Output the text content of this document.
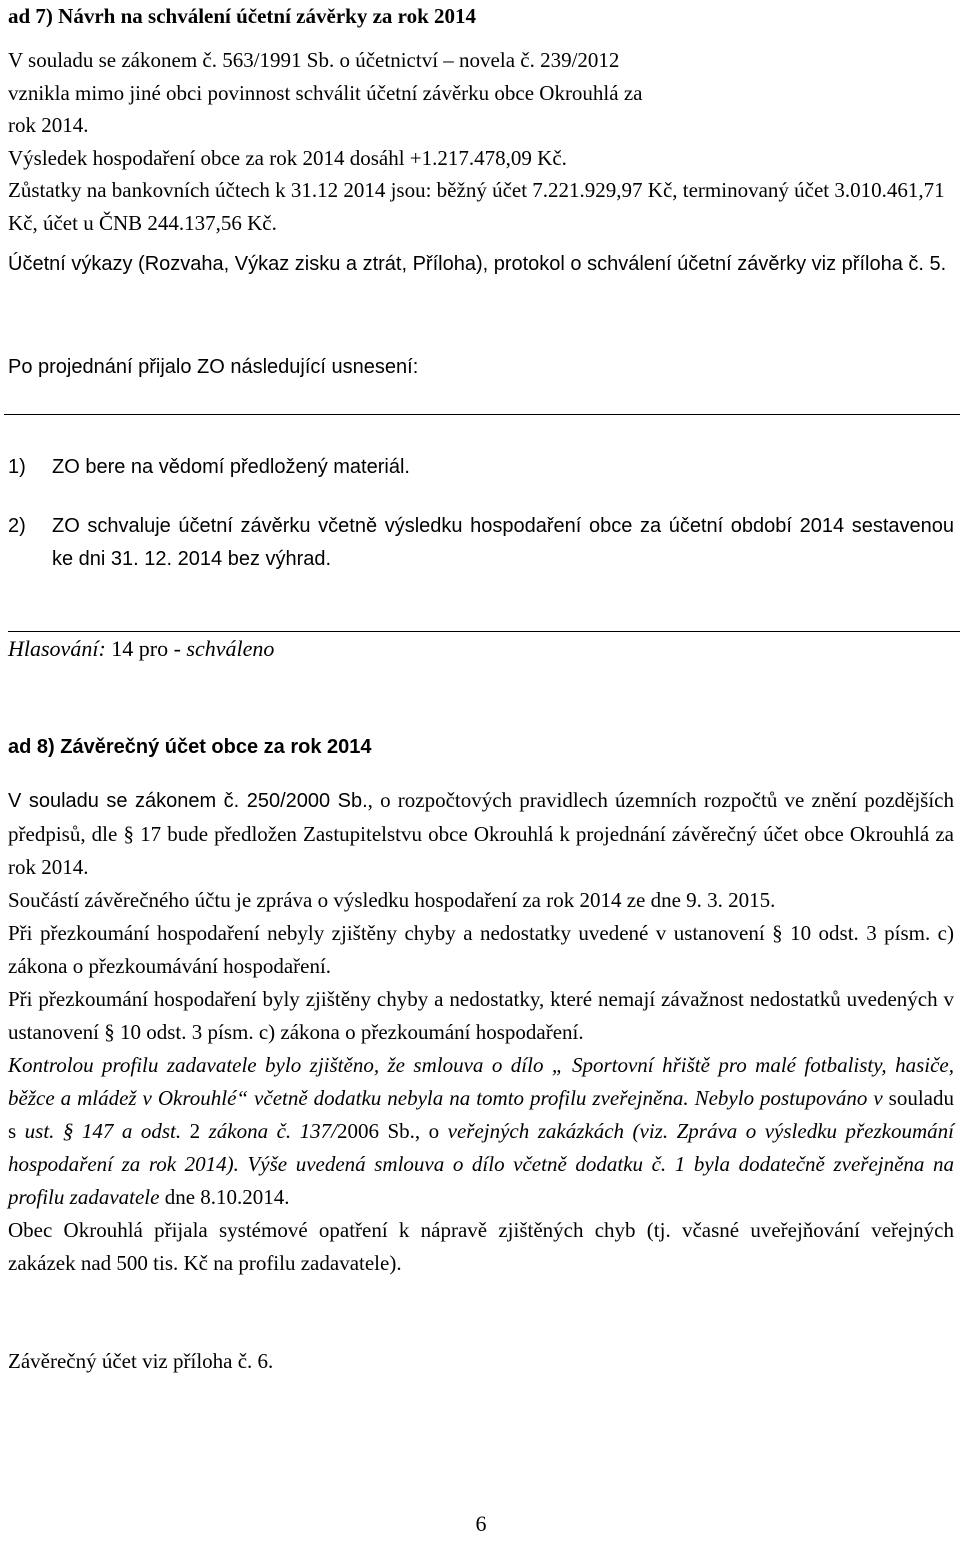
ad 7) Návrh na schválení účetní závěrky za rok 2014

V souladu se zákonem č. 563/1991 Sb. o účetnictví – novela č. 239/2012 vznikla mimo jiné obci povinnost schválit účetní závěrku obce Okrouhlá za rok 2014.

Výsledek hospodaření obce za rok 2014 dosáhl +1.217.478,09 Kč.

Zůstatky na bankovních účtech k 31.12 2014 jsou: běžný účet 7.221.929,97 Kč, terminovaný účet 3.010.461,71 Kč, účet u ČNB 244.137,56 Kč.

Účetní výkazy (Rozvaha, Výkaz zisku a ztrát, Příloha), protokol o schválení účetní závěrky viz příloha č. 5.

Po projednání přijalo ZO následující usnesení:

1) ZO bere na vědomí předložený materiál.

2) ZO schvaluje účetní závěrku včetně výsledku hospodaření obce za účetní období 2014 sestavenou ke dni 31. 12. 2014 bez výhrad.

Hlasování: 14 pro - schváleno

ad 8) Závěrečný účet obce za rok 2014

V souladu se zákonem č. 250/2000 Sb., o rozpočtových pravidlech územních rozpočtů ve znění pozdějších předpisů, dle § 17 bude předložen Zastupitelstvu obce Okrouhlá k projednání závěrečný účet obce Okrouhlá za rok 2014.

Součástí závěrečného účtu je zpráva o výsledku hospodaření za rok 2014 ze dne 9. 3. 2015.

Při přezkoumání hospodaření nebyly zjištěny chyby a nedostatky uvedené v ustanovení § 10 odst. 3 písm. c) zákona o přezkoumávání hospodaření.

Při přezkoumání hospodaření byly zjištěny chyby a nedostatky, které nemají závažnost nedostatků uvedených v ustanovení § 10 odst. 3 písm. c) zákona o přezkoumání hospodaření.

Kontrolou profilu zadavatele bylo zjištěno, že smlouva o dílo „ Sportovní hřiště pro malé fotbalisty, hasiče, běžce a mládež v Okrouhlé“ včetně dodatku nebyla na tomto profilu zveřejněna. Nebylo postupováno v souladu s ust. § 147 a odst. 2 zákona č. 137/2006 Sb., o veřejných zakázkách (viz. Zpráva o výsledku přezkoumání hospodaření za rok 2014). Výše uvedená smlouva o dílo včetně dodatku č. 1 byla dodatečně zveřejněna na profilu zadavatele dne 8.10.2014.

Obec Okrouhlá přijala systémové opatření k nápravě zjištěných chyb (tj. včasné uveřejňování veřejných zakázek nad 500 tis. Kč na profilu zadavatele).

Závěrečný účet viz příloha č. 6.

6
